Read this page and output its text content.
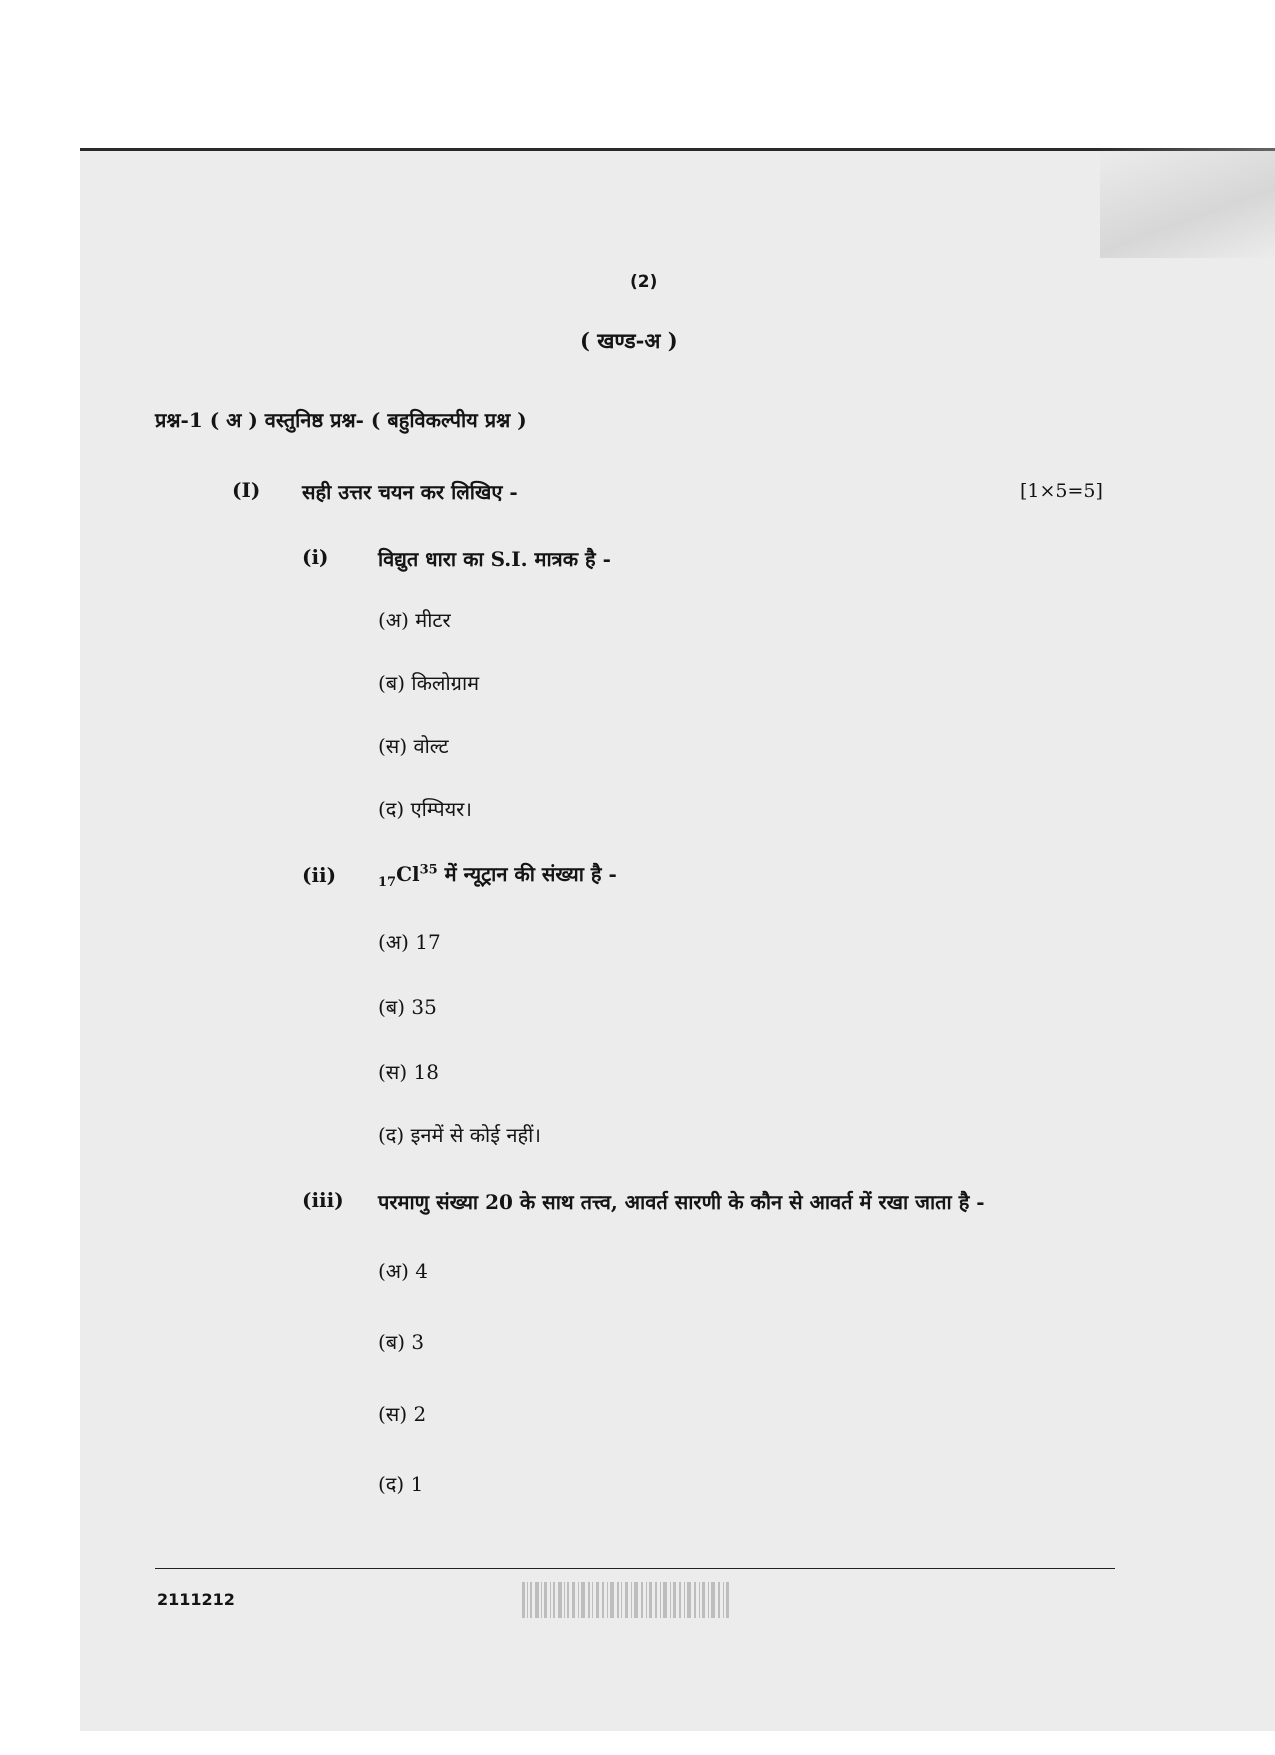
(2)
( खण्ड-अ )
प्रश्न-1 ( अ ) वस्तुनिष्ठ प्रश्न- ( बहुविकल्पीय प्रश्न )
(I) सही उत्तर चयन कर लिखिए -	[1×5=5]
(i) विद्युत धारा का S.I. मात्रक है -
(अ) मीटर
(ब) किलोग्राम
(स) वोल्ट
(द) एम्पियर।
(ii)	$_{17}Cl^{35}$ में न्यूट्रान की संख्या है -
(अ) 17
(ब) 35
(स) 18
(द) इनमें से कोई नहीं।
(iii) परमाणु संख्या 20 के साथ तत्त्व, आवर्त सारणी के कौन से आवर्त में रखा जाता है -
(अ) 4
(ब) 3
(स) 2
(द) 1
2111212
